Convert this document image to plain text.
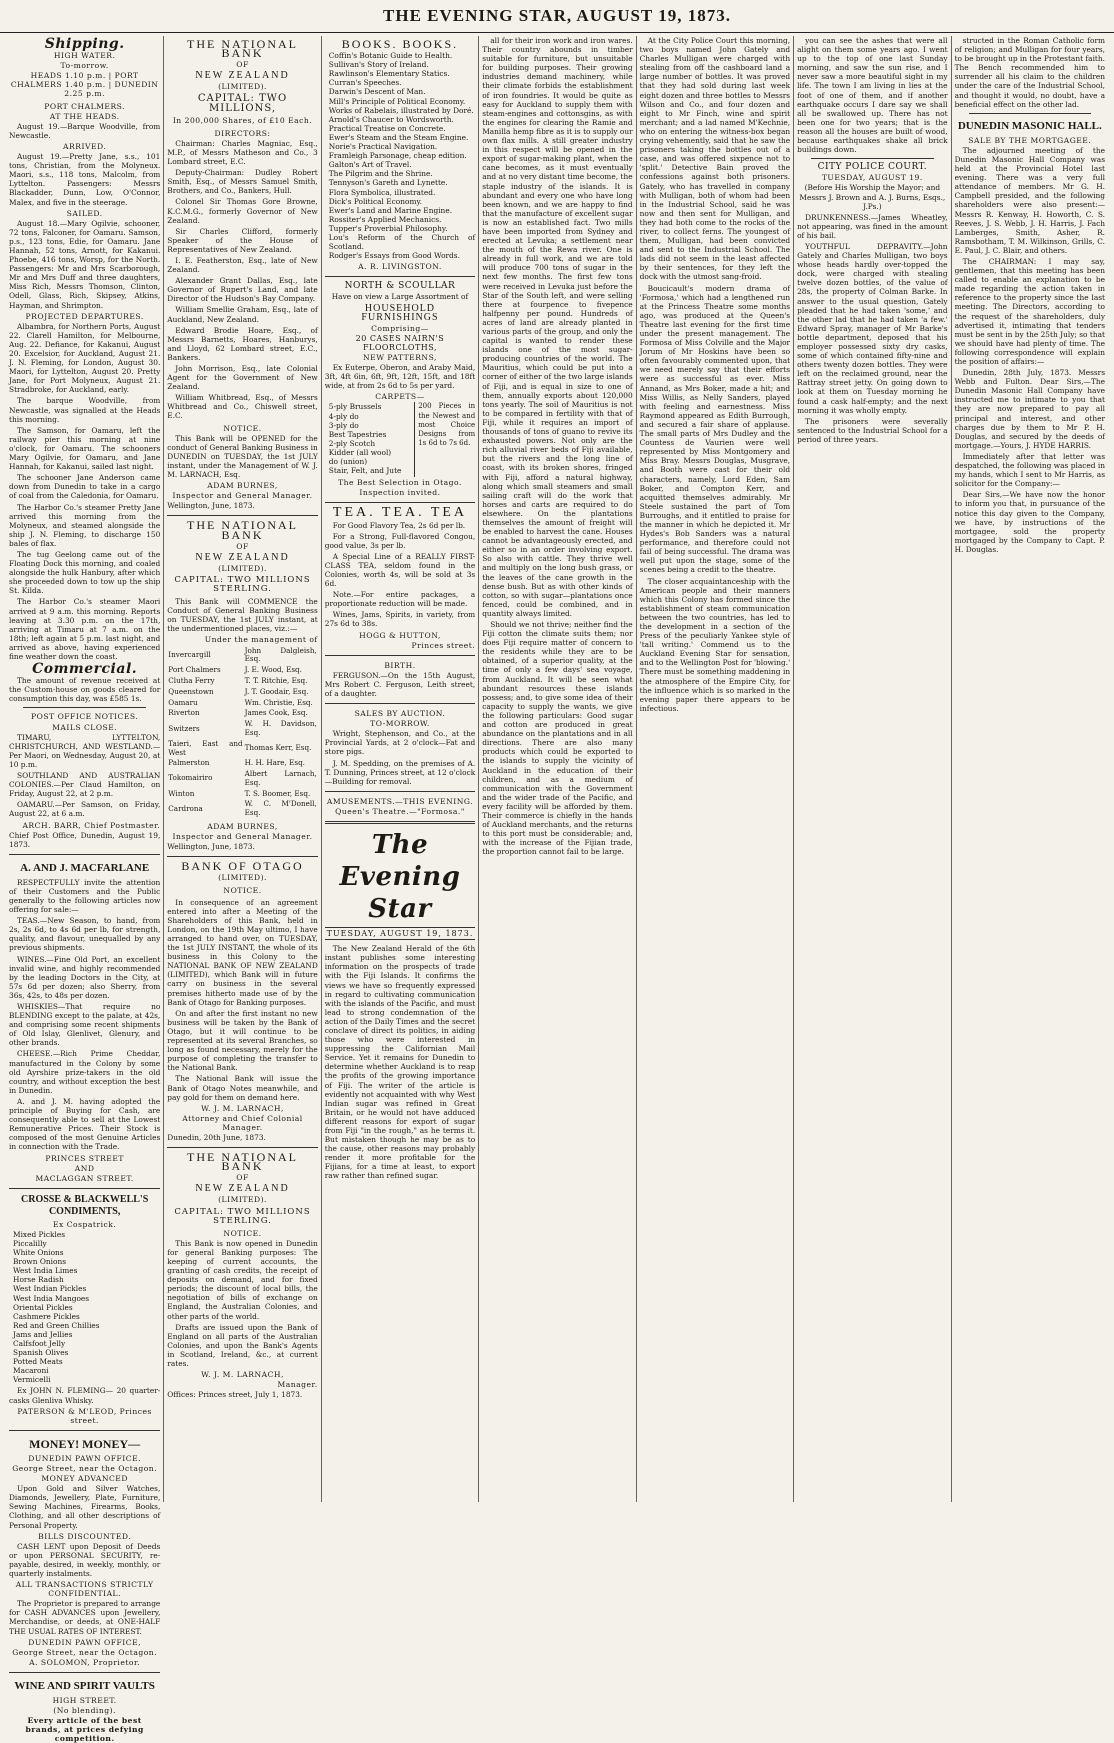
THE EVENING STAR, AUGUST 19, 1873.
Shipping.
HIGH WATER.
To-morrow.
HEADS 1.10 p.m. | PORT CHALMERS 1.40 p.m. | DUNEDIN 2.25 p.m.
PORT CHALMERS.
AT THE HEADS.

August 19.—Barque Woodville, from Newcastle.

ARRIVED.

August 19.—Pretty Jane, s.s., 101 tons, Christian, from the Molyneux. Maori, s.s., 118 tons, Malcolm, from Lyttelton. Passengers: Messrs Blackadder, Dunn, Low, O'Connor, Malex, and five in the steerage.

SAILED.

August 18.—Mary Ogilvie, schooner, 72 tons, Falconer, for Oamaru. Samson, p.s., 123 tons, Edie, for Oamaru. Jane Hannah, 52 tons, Arnott, for Kakanui. Phoebe, 416 tons, Worsp, for the North. Passengers: Mr and Mrs Scarborough, Mr and Mrs Duff and three daughters, Miss Rich, Messrs Thomson, Clinton, Odell, Glass, Rich, Skipsey, Atkins, Hayman, and Shrimpton.

PROJECTED DEPARTURES.

Albambra, for Northern Ports, August 22. Clarell Hamilton, for Melbourne, Aug. 22. Defiance, for Kakanui, August 20. Excelsior, for Auckland, August 21. J. N. Fleming, for London, August 30. Maori, for Lyttelton, August 20. Pretty Jane, for Port Molyneux, August 21. Stradbroke, for Auckland, early.

The barque Woodville, from Newcastle, was signalled at the Heads this morning.

The Samson, for Oamaru, left the railway pier this morning at nine o'clock, for Oamaru. The schooners Mary Ogilvie, for Oamaru, and Jane Hannah, for Kakanui, sailed last night.

The schooner Jane Anderson came down from Dunedin to take in a cargo of coal from the Caledonia, for Oamaru.

The Harbor Co.'s steamer Pretty Jane arrived this morning from the Molyneux, and steamed alongside the ship J. N. Fleming, to discharge 150 bales of flax.

The tug Geelong came out of the Floating Dock this morning, and coaled alongside the hulk Hanbury, after which she proceeded down to tow up the ship St. Kilda.

The Harbor Co.'s steamer Maori arrived at 9 a.m. this morning. Reports leaving at 3.30 p.m. on the 17th, arriving at Timaru at 7 a.m. on the 18th; left again at 5 p.m. last night, and arrived as above, having experienced fine weather down the coast.

Commercial.

The amount of revenue received at the Custom-house on goods cleared for consumption this day, was £585 1s.

POST OFFICE NOTICES.
MAILS CLOSE.

TIMARU, LYTTELTON, CHRISTCHURCH, AND WESTLAND.—Per Maori, on Wednesday, August 20, at 10 p.m.

SOUTHLAND AND AUSTRALIAN COLONIES.—Per Claud Hamilton, on Friday, August 22, at 2 p.m.

OAMARU.—Per Samson, on Friday, August 22, at 6 a.m.

ARCH. BARR, Chief Postmaster.

Chief Post Office, Dunedin, August 19, 1873.

A. AND J. MACFARLANE

RESPECTFULLY invite the attention of their Customers and the Public generally to the following articles now offering for sale:—

TEAS.—New Season, to hand, from 2s, 2s 6d, to 4s 6d per lb, for strength, quality, and flavour, unequalled by any previous shipments.

WINES.—Fine Old Port, an excellent invalid wine, and highly recommended by the leading Doctors in the City, at 57s 6d per dozen; also Sherry, from 36s, 42s, to 48s per dozen.

WHISKIES—That require no BLENDING except to the palate, at 42s, and comprising some recent shipments of Old Islay, Glenlivet, Glenury, and other brands.

CHEESE.—Rich Prime Cheddar, manufactured in the Colony by some old Ayrshire prize-takers in the old country, and without exception the best in Dunedin.

A. and J. M. having adopted the principle of Buying for Cash, are consequently able to sell at the Lowest Remunerative Prices. Their Stock is composed of the most Genuine Articles in connection with the Trade.

PRINCES STREET
AND
MACLAGGAN STREET.
CROSSE & BLACKWELL'S CONDIMENTS,
Ex Cospatrick.
Mixed Pickles
Piccalilly
White Onions
Brown Onions
West India Limes
Horse Radish
West Indian Pickles
West India Mangoes
Oriental Pickles
Cashmere Pickles
Red and Green Chillies
Jams and Jellies
Calfsfoot Jelly
Spanish Olives
Potted Meats
Macaroni
Vermicelli

Ex JOHN N. FLEMING— 20 quarter-casks Glenliva Whisky.

PATERSON & M'LEOD, Princes street.
MONEY! MONEY—
DUNEDIN PAWN OFFICE.
George Street, near the Octagon.
MONEY ADVANCED

Upon Gold and Silver Watches, Diamonds, Jewellery, Plate, Furniture, Sewing Machines, Firearms, Books, Clothing, and all other descriptions of Personal Property.

BILLS DISCOUNTED.

CASH LENT upon Deposit of Deeds or upon PERSONAL SECURITY, re-payable, desired, in weekly, monthly, or quarterly instalments.

ALL TRANSACTIONS STRICTLY CONFIDENTIAL.

The Proprietor is prepared to arrange for CASH ADVANCES upon Jewellery, Merchandise, or deeds, at ONE-HALF THE USUAL RATES OF INTEREST.

DUNEDIN PAWN OFFICE,
George Street, near the Octagon.
A. SOLOMON, Proprietor.
WINE AND SPIRIT VAULTS
HIGH STREET.
(No blending).
Every article of the best brands, at prices defying competition.
THE NATIONAL BANK
OF
NEW ZEALAND
(LIMITED).
CAPITAL: TWO MILLIONS,
In 200,000 Shares, of £10 Each.
DIRECTORS:

Chairman: Charles Magniac, Esq., M.P., of Messrs Matheson and Co., 3 Lombard street, E.C.

Deputy-Chairman: Dudley Robert Smith, Esq., of Messrs Samuel Smith, Brothers, and Co., Bankers, Hull.

Colonel Sir Thomas Gore Browne, K.C.M.G., formerly Governor of New Zealand.

Sir Charles Clifford, formerly Speaker of the House of Representatives of New Zealand.

I. E. Featherston, Esq., late of New Zealand.

Alexander Grant Dallas, Esq., late Governor of Rupert's Land, and late Director of the Hudson's Bay Company.

William Smellie Graham, Esq., late of Auckland, New Zealand.

Edward Brodie Hoare, Esq., of Messrs Barnetts, Hoares, Hanburys, and Lloyd, 62 Lombard street, E.C., Bankers.

John Morrison, Esq., late Colonial Agent for the Government of New Zealand.

William Whitbread, Esq., of Messrs Whitbread and Co., Chiswell street, E.C.

NOTICE.

This Bank will be OPENED for the conduct of General Banking Business in DUNEDIN on TUESDAY, the 1st JULY instant, under the Management of W. J. M. LARNACH, Esq.

ADAM BURNES,
Inspector and General Manager.

Wellington, June, 1873.

THE NATIONAL BANK
OF
NEW ZEALAND
(LIMITED).
CAPITAL: TWO MILLIONS STERLING.

This Bank will COMMENCE the Conduct of General Banking Business on TUESDAY, the 1st JULY instant, at the undermentioned places, viz.:—

Under the management of
Invercargill	John Dalgleish, Esq.
Port Chalmers	J. E. Wood, Esq.
Clutha Ferry	T. T. Ritchie, Esq.
Queenstown	J. T. Goodair, Esq.
Oamaru	Wm. Christie, Esq.
Riverton	James Cook, Esq.
Switzers	W. H. Davidson, Esq.
Taieri, East and West	Thomas Kerr, Esq.
Palmerston	H. H. Hare, Esq.
Tokomairiro	Albert Larnach, Esq.
Winton	T. S. Boomer, Esq.
Cardrona	W. C. M'Donell, Esq.
ADAM BURNES,
Inspector and General Manager.

Wellington, June, 1873.

BANK OF OTAGO
(LIMITED).
NOTICE.

In consequence of an agreement entered into after a Meeting of the Shareholders of this Bank, held in London, on the 19th May ultimo, I have arranged to hand over, on TUESDAY, the 1st JULY INSTANT, the whole of its business in this Colony to the NATIONAL BANK OF NEW ZEALAND (LIMITED), which Bank will in future carry on business in the several premises hitherto made use of by the Bank of Otago for Banking purposes.

On and after the first instant no new business will be taken by the Bank of Otago, but it will continue to be represented at its several Branches, so long as found necessary, merely for the purpose of completing the transfer to the National Bank.

The National Bank will issue the Bank of Otago Notes meanwhile, and pay gold for them on demand here.

W. J. M. LARNACH,
Attorney and Chief Colonial Manager.

Dunedin, 20th June, 1873.

THE NATIONAL BANK
OF
NEW ZEALAND
(LIMITED).
CAPITAL: TWO MILLIONS STERLING.
NOTICE.

This Bank is now opened in Dunedin for general Banking purposes: The keeping of current accounts, the granting of cash credits, the receipt of deposits on demand, and for fixed periods; the discount of local bills, the negotiation of bills of exchange on England, the Australian Colonies, and other parts of the world.

Drafts are issued upon the Bank of England on all parts of the Australian Colonies, and upon the Bank's Agents in Scotland, Ireland, &c., at current rates.

W. J. M. LARNACH,
Manager.

Offices: Princes street, July 1, 1873.

BOOKS. BOOKS.
Coffin's Botanic Guide to Health.
Sullivan's Story of Ireland.
Rawlinson's Elementary Statics.
Curran's Speeches.
Darwin's Descent of Man.
Mill's Principle of Political Economy.
Works of Rabelais, illustrated by Doré.
Arnold's Chaucer to Wordsworth.
Practical Treatise on Concrete.
Ewer's Steam and the Steam Engine.
Norie's Practical Navigation.
Framleigh Parsonage, cheap edition.
Galton's Art of Travel.
The Pilgrim and the Shrine.
Tennyson's Gareth and Lynette.
Flora Symbolica, illustrated.
Dick's Political Economy.
Ewer's Land and Marine Engine.
Rossiter's Applied Mechanics.
Tupper's Proverbial Philosophy.
Lou's Reform of the Church of Scotland.
Rodger's Essays from Good Words.
A. R. LIVINGSTON.
NORTH & SCOULLAR

Have on view a Large Assortment of

HOUSEHOLD FURNISHINGS
Comprising—
20 CASES NAIRN'S FLOORCLOTHS,
NEW PATTERNS,

Ex Euterpe, Oberon, and Araby Maid, 3ft, 4ft 6in, 6ft, 9ft, 12ft, 15ft, and 18ft wide, at from 2s 6d to 5s per yard.

CARPETS—
5-ply Brussels
4-ply do
3-ply do
Best Tapestries
2-ply Scotch
Kidder (all wool)
do (union)
Stair, Felt, and Jute
200 Pieces in the Newest and most Choice Designs from 1s 6d to 7s 6d.
The Best Selection in Otago.
Inspection invited.
TEA. TEA. TEA

For Good Flavory Tea, 2s 6d per lb.

For a Strong, Full-flavored Congou, good value, 3s per lb.

A Special Line of a REALLY FIRST-CLASS TEA, seldom found in the Colonies, worth 4s, will be sold at 3s 6d.

Note.—For entire packages, a proportionate reduction will be made.

Wines, Jams, Spirits, in variety, from 27s 6d to 38s.

HOGG & HUTTON,
Princes street.
BIRTH.

FERGUSON.—On the 15th August, Mrs Robert C. Ferguson, Leith street, of a daughter.

SALES BY AUCTION.
TO-MORROW.

Wright, Stephenson, and Co., at the Provincial Yards, at 2 o'clock—Fat and store pigs.

J. M. Spedding, on the premises of A. T. Dunning, Princes street, at 12 o'clock—Building for removal.

AMUSEMENTS.—THIS EVENING.
Queen's Theatre.—"Formosa."
The Evening Star
TUESDAY, AUGUST 19, 1873.

The New Zealand Herald of the 6th instant publishes some interesting information on the prospects of trade with the Fiji Islands. It confirms the views we have so frequently expressed in regard to cultivating communication with the islands of the Pacific, and must lead to strong condemnation of the action of the Daily Times and the secret conclave of direct its politics, in aiding those who were interested in suppressing the Californian Mail Service. Yet it remains for Dunedin to determine whether Auckland is to reap the profits of the growing importance of Fiji. The writer of the article is evidently not acquainted with why West Indian sugar was refined in Great Britain, or he would not have adduced different reasons for export of sugar from Fiji "in the rough," as he terms it. But mistaken though he may be as to the cause, other reasons may probably render it more profitable for the Fijians, for a time at least, to export raw rather than refined sugar.

all for their iron work and iron wares. Their country abounds in timber suitable for furniture, but unsuitable for building purposes. Their growing industries demand machinery, while their climate forbids the establishment of iron foundries. It would be quite as easy for Auckland to supply them with steam-engines and cottonsgins, as with the engines for clearing the Ramie and Manilla hemp fibre as it is to supply our own flax mills. A still greater industry in this respect will be opened in the export of sugar-making plant, when the cane becomes, as it must eventually and at no very distant time become, the staple industry of the islands. It is abundant and every one who have long been known, and we are happy to find that the manufacture of excellent sugar is now an established fact. Two mills have been imported from Sydney and erected at Levuka; a settlement near the mouth of the Rewa river. One is already in full work, and we are told will produce 700 tons of sugar in the next few months. The first few tons were received in Levuka just before the Star of the South left, and were selling there at fourpence to fivepence halfpenny per pound. Hundreds of acres of land are already planted in various parts of the group, and only the capital is wanted to render these islands one of the most sugar-producing countries of the world. The Mauritius, which could be put into a corner of either of the two large islands of Fiji, and is equal in size to one of them, annually exports about 120,000 tons yearly. The soil of Mauritius is not to be compared in fertility with that of Fiji, while it requires an import of thousands of tons of guano to revive its exhausted powers. Not only are the rich alluvial river beds of Fiji available, but the rivers and the long line of coast, with its broken shores, fringed with Fiji, afford a natural highway, along which small steamers and small sailing craft will do the work that horses and carts are required to do elsewhere. On the plantations themselves the amount of freight will be enabled to harvest the cane. Houses cannot be advantageously erected, and either so in an order involving export. So also with cattle. They thrive well and multiply on the long bush grass, or the leaves of the cane growth in the dense bush. But as with other kinds of cotton, so with sugar—plantations once fenced, could be combined, and in quantity always limited.

Should we not thrive; neither find the Fiji cotton the climate suits them; nor does Fiji require matter of concern to the residents while they are to be obtained, of a superior quality, at the time of only a few days' sea voyage, from Auckland. It will be seen what abundant resources these islands possess; and, to give some idea of their capacity to supply the wants, we give the following particulars: Good sugar and cotton are produced in great abundance on the plantations and in all directions. There are also many products which could be exported to the islands to supply the vicinity of Auckland in the education of their children, and as a medium of communication with the Government and the wider trade of the Pacific, and every facility will be afforded by them. Their commerce is chiefly in the hands of Auckland merchants, and the returns to this port must be considerable; and, with the increase of the Fijian trade, the proportion cannot fail to be large.

At the City Police Court this morning, two boys named John Gately and Charles Mulligan were charged with stealing from off the cashboard land a large number of bottles. It was proved that they had sold during last week eight dozen and three bottles to Messrs Wilson and Co., and four dozen and eight to Mr Finch, wine and spirit merchant; and a lad named M'Kechnie, who on entering the witness-box began crying vehemently, said that he saw the prisoners taking the bottles out of a case, and was offered sixpence not to 'split.' Detective Bain proved the confessions against both prisoners. Gately, who has travelled in company with Mulligan, both of whom had been in the Industrial School, said he was now and then sent for Mulligan, and they had both come to the rocks of the river, to collect ferns. The youngest of them, Mulligan, had been convicted and sent to the Industrial School. The lads did not seem in the least affected by their sentences, for they left the dock with the utmost sang-froid.

Boucicault's modern drama of 'Formosa,' which had a lengthened run at the Princess Theatre some months ago, was produced at the Queen's Theatre last evening for the first time under the present management. The Formosa of Miss Colville and the Major Jorum of Mr Hoskins have been so often favourably commented upon, that we need merely say that their efforts were as successful as ever. Miss Annand, as Mrs Boker, made a hit; and Miss Willis, as Nelly Sanders, played with feeling and earnestness. Miss Raymond appeared as Edith Burrough, and secured a fair share of applause. The small parts of Mrs Dudley and the Countess de Vaurien were well represented by Miss Montgomery and Miss Bray. Messrs Douglas, Musgrave, and Booth were cast for their old characters, namely, Lord Eden, Sam Boker, and Compton Kerr, and acquitted themselves admirably. Mr Steele sustained the part of Tom Burroughs, and it entitled to praise for the manner in which he depicted it. Mr Hydes's Bob Sanders was a natural performance, and therefore could not fail of being successful. The drama was well put upon the stage, some of the scenes being a credit to the theatre.

The closer acquaintanceship with the American people and their manners which this Colony has formed since the establishment of steam communication between the two countries, has led to the development in a section of the Press of the peculiarly Yankee style of 'tall writing.' Commend us to the Auckland Evening Star for sensation, and to the Wellington Post for 'blowing.' There must be something maddening in the atmosphere of the Empire City, for the influence which is so marked in the evening paper there appears to be infectious.

you can see the ashes that were all alight on them some years ago. I went up to the top of one last Sunday morning, and saw the sun rise, and I never saw a more beautiful sight in my life. The town I am living in lies at the foot of one of them, and if another earthquake occurs I dare say we shall all be swallowed up. There has not been one for two years; that is the reason all the houses are built of wood, because earthquakes shake all brick buildings down.

CITY POLICE COURT.
TUESDAY, AUGUST 19.

(Before His Worship the Mayor; and Messrs J. Brown and A. J. Burns, Esqs., J.Ps.)

DRUNKENNESS.—James Wheatley, not appearing, was fined in the amount of his bail.

YOUTHFUL DEPRAVITY.—John Gately and Charles Mulligan, two boys whose heads hardly over-topped the dock, were charged with stealing twelve dozen bottles, of the value of 28s, the property of Colman Barke. In answer to the usual question, Gately pleaded that he had taken 'some,' and the other lad that he had taken 'a few.' Edward Spray, manager of Mr Barke's bottle department, deposed that his employer possessed sixty dry casks, some of which contained fifty-nine and others twenty dozen bottles. They were left on the reclaimed ground, near the Rattray street jetty. On going down to look at them on Tuesday morning he found a cask half-empty; and the next morning it was wholly empty.

The prisoners were severally sentenced to the Industrial School for a period of three years.

structed in the Roman Catholic form of religion; and Mulligan for four years, to be brought up in the Protestant faith. The Bench recommended him to surrender all his claim to the children under the care of the Industrial School, and thought it would, no doubt, have a beneficial effect on the other lad.

DUNEDIN MASONIC HALL.
SALE BY THE MORTGAGEE.

The adjourned meeting of the Dunedin Masonic Hall Company was held at the Provincial Hotel last evening. There was a very full attendance of members. Mr G. H. Campbell presided, and the following shareholders were also present:—Messrs R. Kenway, H. Howorth, C. S. Reeves, J. S. Webb, J. H. Harris, J. Fach Lamberges, Smith, Asher, R. Ramsbotham, T. M. Wilkinson, Grills, C. E. Paul, J. C. Blair, and others.

The CHAIRMAN: I may say, gentlemen, that this meeting has been called to enable an explanation to be made regarding the action taken in reference to the property since the last meeting. The Directors, according to the request of the shareholders, duly advertised it, intimating that tenders must be sent in by the 25th July; so that we should have had plenty of time. The following correspondence will explain the position of affairs:—

Dunedin, 28th July, 1873. Messrs Webb and Fulton. Dear Sirs,—The Dunedin Masonic Hall Company have instructed me to intimate to you that they are now prepared to pay all principal and interest, and other charges due by them to Mr P. H. Douglas, and secured by the deeds of mortgage.—Yours, J. HYDE HARRIS.

Immediately after that letter was despatched, the following was placed in my hands, which I sent to Mr Harris, as solicitor for the Company:—

Dear Sirs,—We have now the honor to inform you that, in pursuance of the notice this day given to the Company, we have, by instructions of the mortgagee, sold the property mortgaged by the Company to Capt. P. H. Douglas.
